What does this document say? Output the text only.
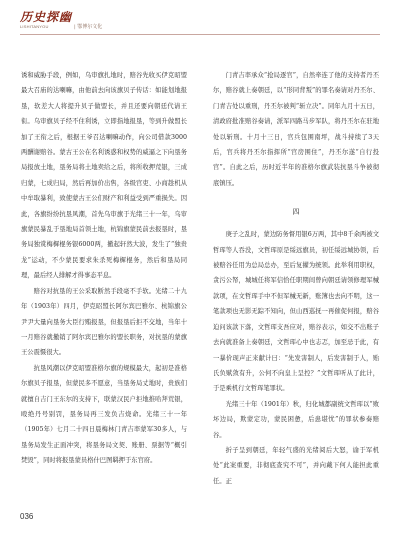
历史探幽
LISHITANYOU	| 鄂博尔文化

诱和威胁手段，例如，乌审旗扎地时，赔谷先收买伊克昭盟最大召庙的达喇嘛，由他前去向该旗贝子传话：如能划地报垦，软差大人将提升贝子做盟长，并且还要向朝廷代请王衔。乌审旗贝子经不住利诱，立即指地报垦，等到升做盟长加了王衔之后，根据王爷召达喇嘛动作，向公司借款3000两酬谢赔谷。蒙古王公在名利诱惑和权势的威逼之下向垦务局报放土地，垦务局将土地卖给之后，将所收押荒银，三成归蒙，七成归局，然后再加价出售，各级官吏、小商趁机从中牟取暴利，致使蒙古王公们财产和利益受到严重损失。因此，各旗纷纷抗垦风潮，首先乌审旗于光绪三十一年，乌审旗蒙民暴乱于垦地局首领土地，杭锦旗蒙民前去报垦时，垦务局独赏梅樨棍务银6000两，撤起轩然大波，发生了“独贵龙”运动，不少蒙民要求朱杀死梅樨棍务，然后和垦局同理，最后经人排解才得事态平息。

赔谷对抗垦的王公采取断然手段毫不手软。光绪二十九年（1903年）四月，伊克昭盟长阿尔宾巴雅尔、杭锦旗公尹尹大量向垦务大臣行贿报垦，但报垦后拒不交地，当年十一月赔谷就撤销了阿尔宾巴雅尔的盟长职务，对抗垦的蒙旗王公震慑很大。

抗垦风潮以伊克昭盟准格尔旗的规模最大，起初是准格尔旗贝子报垦，但蒙民多不愿意，当垦务局丈地时，贵族们就擅自吉门王东尔的支持下，联蒙汉民户拒地推哈拜荒银，殴绝丹号别罚，垦务局再三发负吉烧命。光绪三十一年（1905年）七月二十四日晨梅林门青吉率蒙军30多人，与垦务局发生正面冲突，将垦务局文契、账册、票据等“概引焚毁”，同时将报垦蒙员格什巴图羁押于东官府。

门青吉率承众“抢局逐官”，自然牵连了他的支持者丹丕尔，赔谷就上奏朝廷，以“形同背叛”的罪名奏请对丹丕尔、门青吉处以重刑，丹丕尔被判“斩立决”。同年九月十五日，清政府批准赔谷奏请，派军四路马步军队，将丹丕尔在驻地处以斩刑。十月十三日，官兵包围南坪，战斗持续了3天后，官兵将丹丕尔指挥所“官房围住”，丹丕尔遂“自行投官”。自此之后，历时近半年的准格尔旗武装抗垦斗争被彻底镇压。

四

庚子之乱时，蒙边防务督用银6万两，其中8千余两被文哲珲等人吞没，文哲珲原是绥远旗员，初任绥远城协领，后被赔谷任用为总局总办，至后复擢为统领。此举利用职权，贪污公帑，城城任将军信恰任职期间曾向朝廷请领修理军械款项，在文哲珲手中不但军械无新，账簿也去向不明，这一笔款项也无影无踪不知向，但山西巡抚一再催促何报，赔谷迫问该款下落，文哲珲支吾应对，赔谷表示，如交不出账子去向就准备上奏朝廷，文哲珲心中也志忑，加至忌于此，有一暴价现声正来献计曰：“先发害制人，后发害制于人，贻氏负赋敛有升，公何不向皇上呈控？”文哲珲听从了此计，于是乘机行文哲珲笔罪状。

光绪三十年（1901年）秋，归化城都副统文哲珲以“败坏边局，欺蒙定功，蒙民困惫，后患堪忧”的罪状参奏赔谷。

折子呈到朝廷，年轻气盛的光绪阅后大怒，谕于军机处“此案重要，非彻底查究不可”，并向戴下何人能担此重任。正

036
